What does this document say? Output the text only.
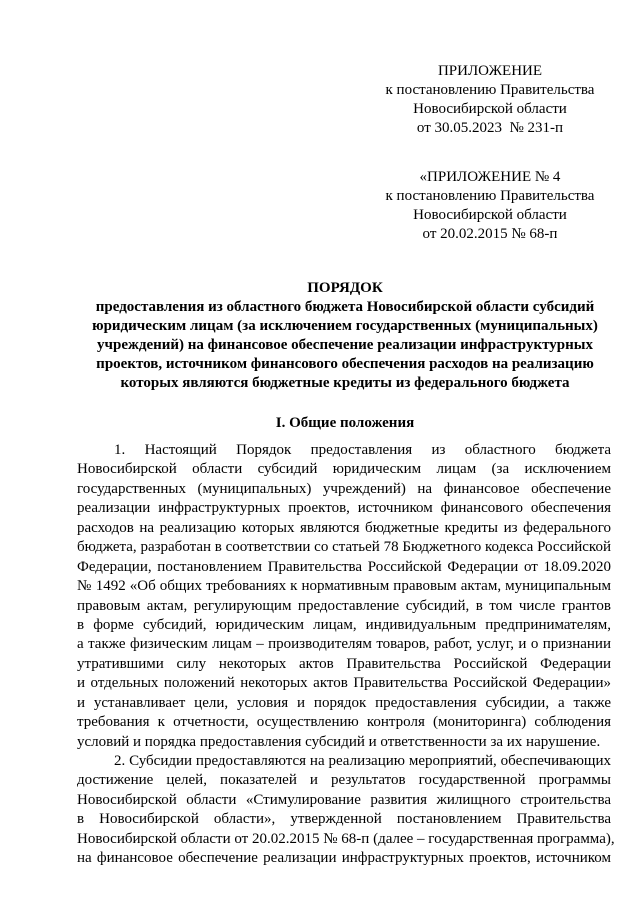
ПРИЛОЖЕНИЕ
к постановлению Правительства
Новосибирской области
от 30.05.2023  № 231-п
«ПРИЛОЖЕНИЕ № 4
к постановлению Правительства
Новосибирской области
от 20.02.2015 № 68-п
ПОРЯДОК
предоставления из областного бюджета Новосибирской области субсидий
юридическим лицам (за исключением государственных (муниципальных)
учреждений) на финансовое обеспечение реализации инфраструктурных
проектов, источником финансового обеспечения расходов на реализацию
которых являются бюджетные кредиты из федерального бюджета
I. Общие положения
1. Настоящий Порядок предоставления из областного бюджета
Новосибирской области субсидий юридическим лицам (за исключением
государственных (муниципальных) учреждений) на финансовое обеспечение
реализации инфраструктурных проектов, источником финансового обеспечения
расходов на реализацию которых являются бюджетные кредиты из федерального
бюджета, разработан в соответствии со статьей 78 Бюджетного кодекса Российской
Федерации, постановлением Правительства Российской Федерации от 18.09.2020
№ 1492 «Об общих требованиях к нормативным правовым актам, муниципальным
правовым актам, регулирующим предоставление субсидий, в том числе грантов
в форме субсидий, юридическим лицам, индивидуальным предпринимателям,
а также физическим лицам – производителям товаров, работ, услуг, и о признании
утратившими силу некоторых актов Правительства Российской Федерации
и отдельных положений некоторых актов Правительства Российской Федерации»
и устанавливает цели, условия и порядок предоставления субсидии, а также
требования к отчетности, осуществлению контроля (мониторинга) соблюдения
условий и порядка предоставления субсидий и ответственности за их нарушение.
2. Субсидии предоставляются на реализацию мероприятий, обеспечивающих
достижение целей, показателей и результатов государственной программы
Новосибирской области «Стимулирование развития жилищного строительства
в Новосибирской области», утвержденной постановлением Правительства
Новосибирской области от 20.02.2015 № 68-п (далее – государственная программа),
на финансовое обеспечение реализации инфраструктурных проектов, источником
